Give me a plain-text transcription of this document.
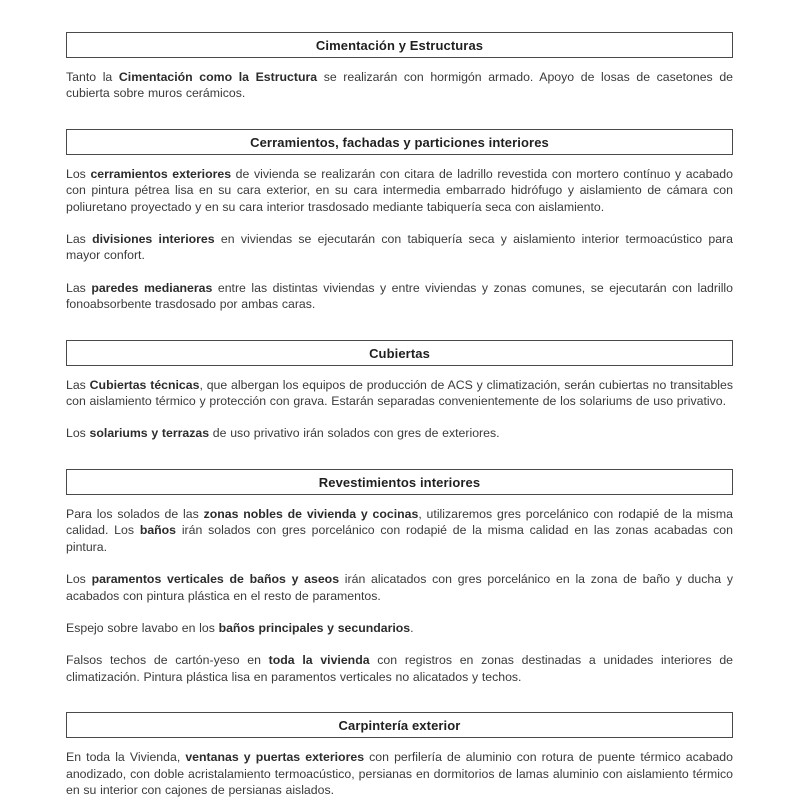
Cimentación y Estructuras

Tanto la Cimentación como la Estructura se realizarán con hormigón armado. Apoyo de losas de casetones de cubierta sobre muros cerámicos.

Cerramientos, fachadas y particiones interiores

Los cerramientos exteriores de vivienda se realizarán con citara de ladrillo revestida con mortero contínuo y acabado con pintura pétrea lisa en su cara exterior, en su cara intermedia embarrado hidrófugo y aislamiento de cámara con poliuretano proyectado y en su cara interior trasdosado mediante tabiquería seca con aislamiento.

Las divisiones interiores en viviendas se ejecutarán con tabiquería seca y aislamiento interior termoacústico para mayor confort.

Las paredes medianeras entre las distintas viviendas y entre viviendas y zonas comunes, se ejecutarán con ladrillo fonoabsorbente trasdosado por ambas caras.

Cubiertas

Las Cubiertas técnicas, que albergan los equipos de producción de ACS y climatización, serán cubiertas no transitables con aislamiento térmico y protección con grava. Estarán separadas convenientemente de los solariums de uso privativo.

Los solariums y terrazas de uso privativo irán solados con gres de exteriores.

Revestimientos interiores

Para los solados de las zonas nobles de vivienda y cocinas, utilizaremos gres porcelánico con rodapié de la misma calidad. Los baños irán solados con gres porcelánico con rodapié de la misma calidad en las zonas acabadas con pintura.

Los paramentos verticales de baños y aseos irán alicatados con gres porcelánico en la zona de baño y ducha y acabados con pintura plástica en el resto de paramentos.

Espejo sobre lavabo en los baños principales y secundarios.

Falsos techos de cartón-yeso en toda la vivienda con registros en zonas destinadas a unidades interiores de climatización. Pintura plástica lisa en paramentos verticales no alicatados y techos.

Carpintería exterior

En toda la Vivienda, ventanas y puertas exteriores con perfilería de aluminio con rotura de puente térmico acabado anodizado, con doble acristalamiento termoacústico, persianas en dormitorios de lamas aluminio con aislamiento térmico en su interior con cajones de persianas aislados.
